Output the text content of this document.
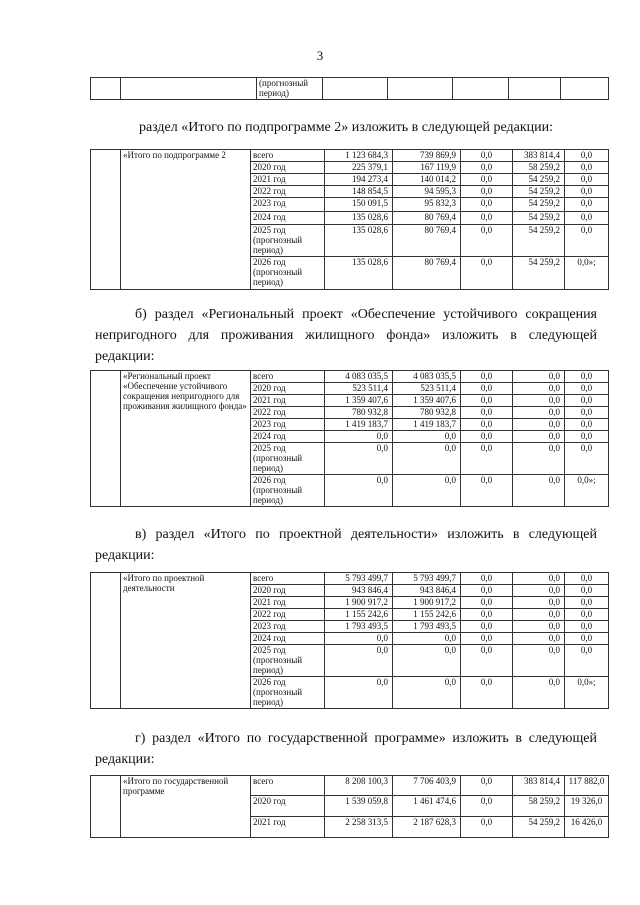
3
		(прогнозный период)					
раздел «Итого по подпрограмме 2» изложить в следующей редакции:
	«Итого по подпрограмме 2	всего	1 123 684,3	739 869,9	0,0	383 814,4	0,0
		2020 год	225 379,1	167 119,9	0,0	58 259,2	0,0
		2021 год	194 273,4	140 014,2	0,0	54 259,2	0,0
		2022 год	148 854,5	94 595,3	0,0	54 259,2	0,0
		2023 год	150 091,5	95 832,3	0,0	54 259,2	0,0
		2024 год	135 028,6	80 769,4	0,0	54 259,2	0,0
		2025 год (прогнозный период)	135 028,6	80 769,4	0,0	54 259,2	0,0
		2026 год (прогнозный период)	135 028,6	80 769,4	0,0	54 259,2	0,0»;
б) раздел «Региональный проект «Обеспечение устойчивого сокращения непригодного для проживания жилищного фонда» изложить в следующей редакции:
	«Региональный проект «Обеспечение устойчивого сокращения непригодного для проживания жилищного фонда»	всего	4 083 035,5	4 083 035,5	0,0	0,0	0,0
		2020 год	523 511,4	523 511,4	0,0	0,0	0,0
		2021 год	1 359 407,6	1 359 407,6	0,0	0,0	0,0
		2022 год	780 932,8	780 932,8	0,0	0,0	0,0
		2023 год	1 419 183,7	1 419 183,7	0,0	0,0	0,0
		2024 год	0,0	0,0	0,0	0,0	0,0
		2025 год (прогнозный период)	0,0	0,0	0,0	0,0	0,0
		2026 год (прогнозный период)	0,0	0,0	0,0	0,0	0,0»;
в) раздел «Итого по проектной деятельности» изложить в следующей редакции:
	«Итого по проектной деятельности	всего	5 793 499,7	5 793 499,7	0,0	0,0	0,0
		2020 год	943 846,4	943 846,4	0,0	0,0	0,0
		2021 год	1 900 917,2	1 900 917,2	0,0	0,0	0,0
		2022 год	1 155 242,6	1 155 242,6	0,0	0,0	0,0
		2023 год	1 793 493,5	1 793 493,5	0,0	0,0	0,0
		2024 год	0,0	0,0	0,0	0,0	0,0
		2025 год (прогнозный период)	0,0	0,0	0,0	0,0	0,0
		2026 год (прогнозный период)	0,0	0,0	0,0	0,0	0,0»;
г) раздел «Итого по государственной программе» изложить в следующей редакции:
	«Итого по государственной программе	всего	8 208 100,3	7 706 403,9	0,0	383 814,4	117 882,0
		2020 год	1 539 059,8	1 461 474,6	0,0	58 259,2	19 326,0
		2021 год	2 258 313,5	2 187 628,3	0,0	54 259,2	16 426,0
